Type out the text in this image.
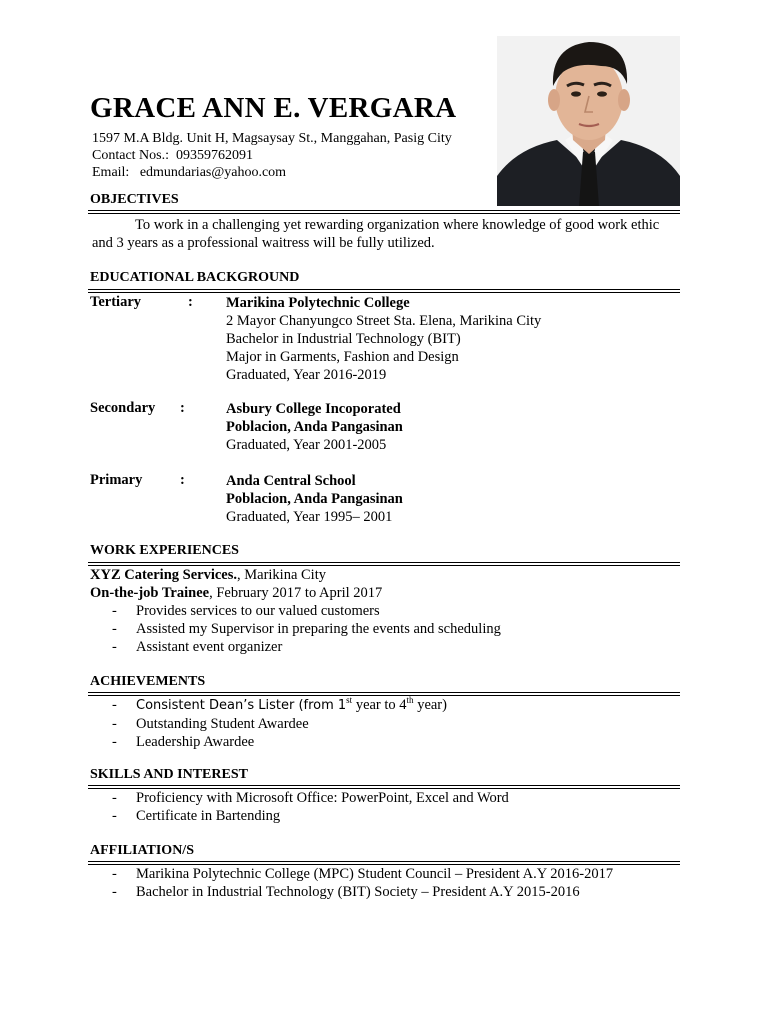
GRACE ANN E. VERGARA
1597 M.A Bldg. Unit H, Magsaysay St., Manggahan, Pasig City
Contact Nos.: 09359762091
Email: edmundarias@yahoo.com
OBJECTIVES

To work in a challenging yet rewarding organization where knowledge of good work ethic and 3 years as a professional waitress will be fully utilized.

EDUCATIONAL BACKGROUND
Tertiary	: Marikina Polytechnic College
2 Mayor Chanyungco Street Sta. Elena, Marikina City
Bachelor in Industrial Technology (BIT)
Major in Garments, Fashion and Design
Graduated, Year 2016-2019
Secondary :	Asbury College Incoporated
Poblacion, Anda Pangasinan
Graduated, Year 2001-2005
Primary	:	Anda Central School
Poblacion, Anda Pangasinan
Graduated, Year 1995– 2001
WORK EXPERIENCES
XYZ Catering Services., Marikina City
On-the-job Trainee, February 2017 to April 2017
- Provides services to our valued customers
- Assisted my Supervisor in preparing the events and scheduling
- Assistant event organizer
ACHIEVEMENTS
- Consistent Dean’s Lister (from 1st year to 4th year)
- Outstanding Student Awardee
- Leadership Awardee
SKILLS AND INTEREST
- Proficiency with Microsoft Office: PowerPoint, Excel and Word
- Certificate in Bartending
AFFILIATION/S
- Marikina Polytechnic College (MPC) Student Council – President A.Y 2016-2017
- Bachelor in Industrial Technology (BIT) Society – President A.Y 2015-2016
